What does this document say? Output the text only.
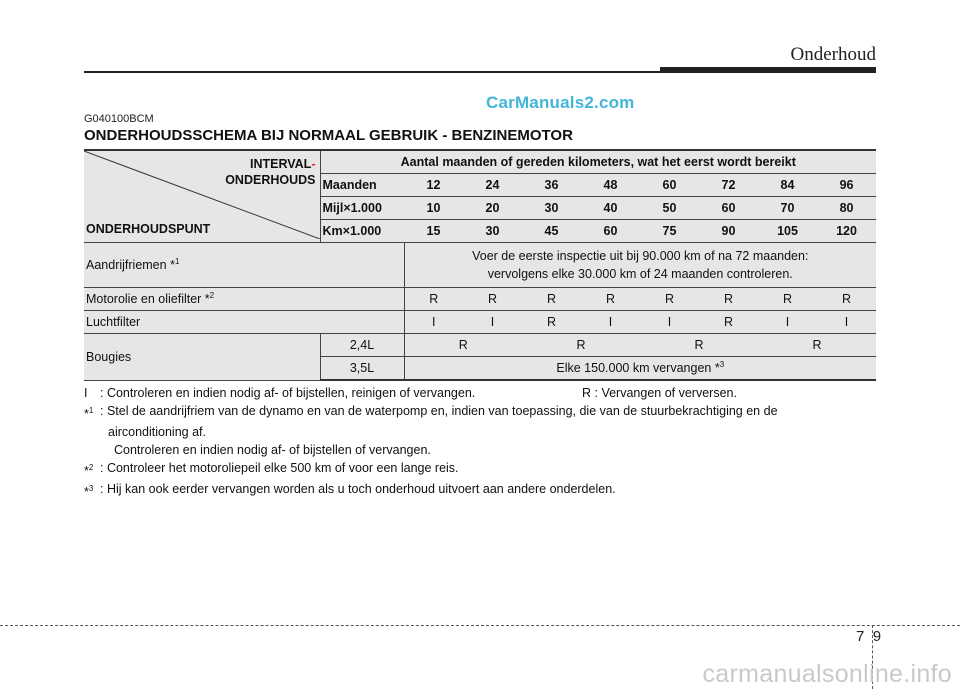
Onderhoud
CarManuals2.com
G040100BCM
ONDERHOUDSSCHEMA BIJ NORMAAL GEBRUIK - BENZINEMOTOR
INTERVAL-
ONDERHOUDS
ONDERHOUDSPUNT	Aantal maanden of gereden kilometers, wat het eerst wordt bereikt								
	Maanden	12	24	36	48	60	72	84	96
	Mijl×1.000	10	20	30	40	50	60	70	80
	Km×1.000	15	30	45	60	75	90	105	120
Aandrijfriemen *$^1$		Voer de eerste inspectie uit bij 90.000 km of na 72 maanden:
vervolgens elke 30.000 km of 24 maanden controleren.							

Motorolie en oliefilter *$^2$		R	R	R	R	R	R	R	R
Luchtfilter		I	I	R	I	I	R	I	I
Bougies	2,4L	R		R		R		R	
	3,5L	Elke 150.000 km vervangen *$^3$
I	: Controleren en indien nodig af- of bijstellen, reinigen of vervangen.	R : Vervangen of verversen.
*$^1$ : Stel de aandrijfriem van de dynamo en van de waterpomp en, indien van toepassing, die van de stuurbekrachtiging en de
airconditioning af.
Controleren en indien nodig af- of bijstellen of vervangen.
*$^2$ : Controleer het motoroliepeil elke 500 km of voor een lange reis.
*$^3$ : Hij kan ook eerder vervangen worden als u toch onderhoud uitvoert aan andere onderdelen.
7 9
carmanualsonline.info
